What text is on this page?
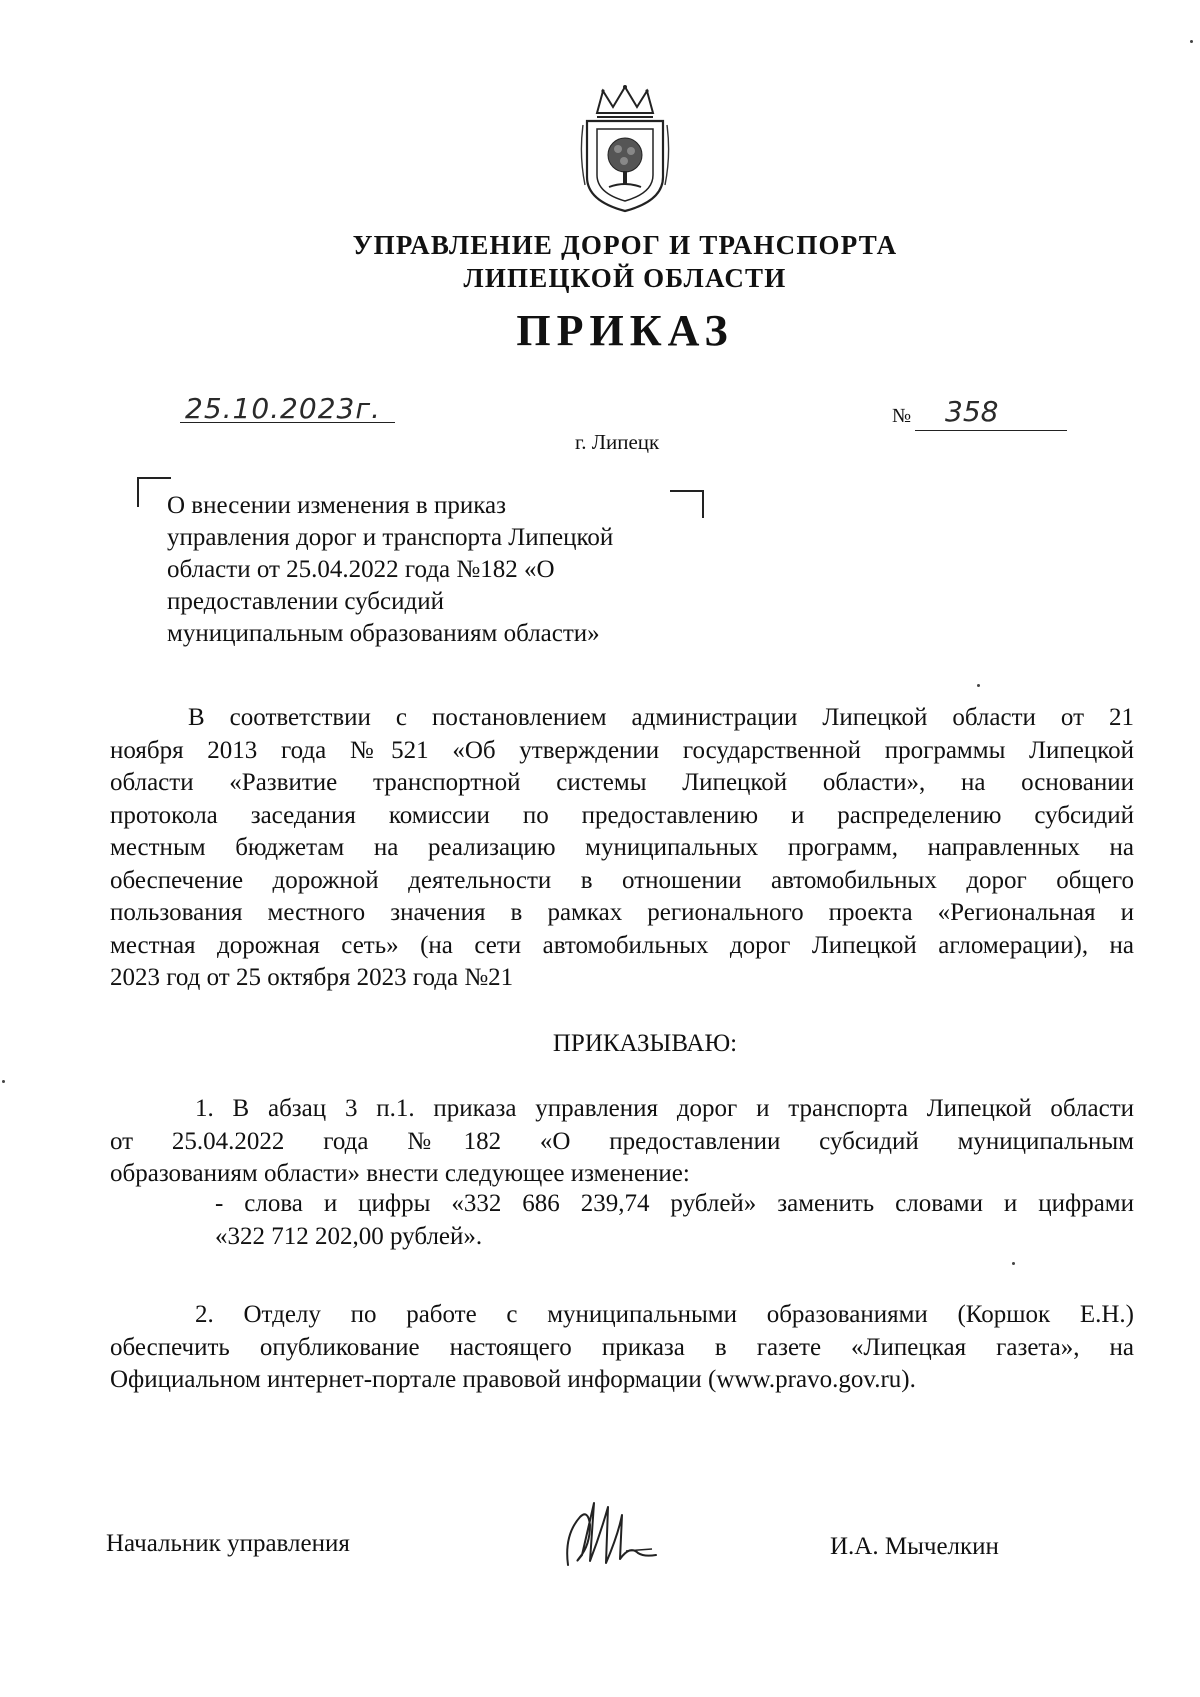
УПРАВЛЕНИЕ ДОРОГ И ТРАНСПОРТА
ЛИПЕЦКОЙ ОБЛАСТИ
ПРИКАЗ
25.10.2023г.	№ 358
г. Липецк
О внесении изменения в приказ
управления дорог и транспорта Липецкой
области от 25.04.2022 года №182 «О
предоставлении субсидий
муниципальным образованиям области»
В соответствии с постановлением администрации Липецкой области от 21
ноября 2013 года №521 «Об утверждении государственной программы Липецкой
области «Развитие транспортной системы Липецкой области», на основании
протокола заседания комиссии по предоставлению и распределению субсидий
местным бюджетам на реализацию муниципальных программ, направленных на
обеспечение дорожной деятельности в отношении автомобильных дорог общего
пользования местного значения в рамках регионального проекта «Региональная и
местная дорожная сеть» (на сети автомобильных дорог Липецкой агломерации), на
2023 год от 25 октября 2023 года №21
ПРИКАЗЫВАЮ:
1. В абзац 3 п.1. приказа управления дорог и транспорта Липецкой области
от 25.04.2022 года №182 «О предоставлении субсидий муниципальным
образованиям области» внести следующее изменение:
- слова и цифры «332 686 239,74 рублей» заменить словами и цифрами
«322 712 202,00 рублей».
2. Отделу по работе с муниципальными образованиями (Коршок Е.Н.)
обеспечить опубликование настоящего приказа в газете «Липецкая газета», на
Официальном интернет-портале правовой информации (www.pravo.gov.ru).
Начальник управления	И.А. Мычелкин
